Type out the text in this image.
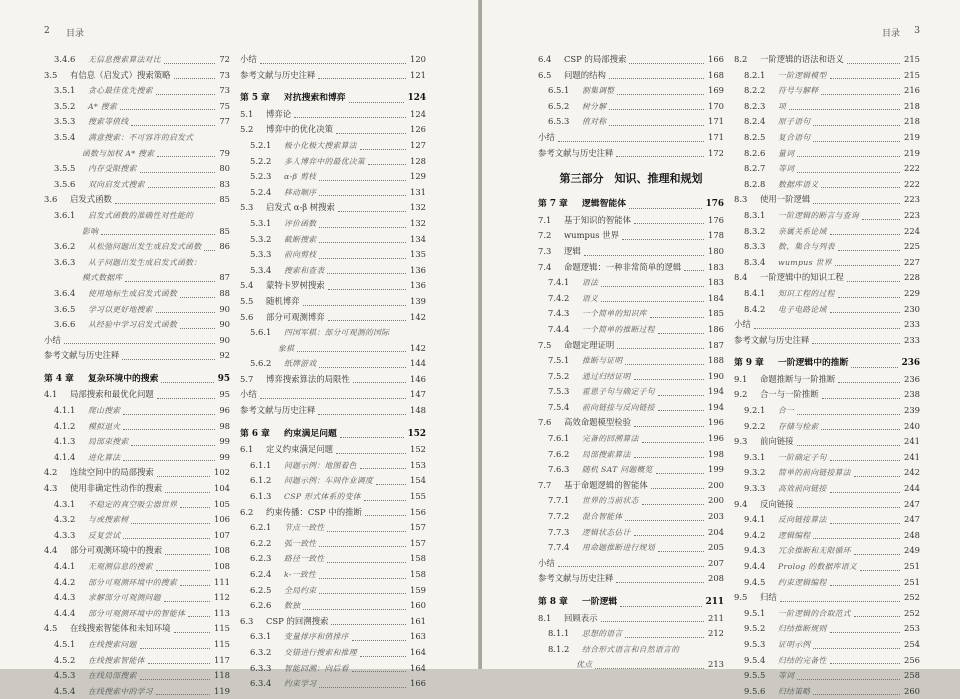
2 目录
3.4.6 无信息搜索算法对比	72
3.5 有信息（启发式）搜索策略	73
3.5.1 贪心最佳优先搜索	73
3.5.2 A* 搜索	75
3.5.3 搜索等值线	77
3.5.4 满意搜索：不可容许的启发式
函数与加权 A* 搜索	79
3.5.5 内存受限搜索	80
3.5.6 双向启发式搜索	83
3.6 启发式函数	85
3.6.1 启发式函数的准确性对性能的
影响	85
3.6.2 从松弛问题出发生成启发式函数 86
3.6.3 从子问题出发生成启发式函数：
模式数据库	87
3.6.4 使用地标生成启发式函数	88
3.6.5 学习以更好地搜索	90
3.6.6 从经验中学习启发式函数	90
小结	90
参考文献与历史注释	92
第 4 章 复杂环境中的搜索	95
4.1 局部搜索和最优化问题	95
4.1.1 爬山搜索	96
4.1.2 模拟退火	98
4.1.3 局部束搜索	99
4.1.4 进化算法	99
4.2 连续空间中的局部搜索	102
4.3 使用非确定性动作的搜索	104
4.3.1 不稳定的真空吸尘器世界	105
4.3.2 与或搜索树	106
4.3.3 反复尝试	107
4.4 部分可观测环境中的搜索	108
4.4.1 无观测信息的搜索	108
4.4.2 部分可观测环境中的搜索	111
4.4.3 求解部分可观测问题	112
4.4.4 部分可观测环境中的智能体	113
4.5 在线搜索智能体和未知环境	115
4.5.1 在线搜索问题	115
4.5.2 在线搜索智能体	117
4.5.3 在线局部搜索	118
4.5.4 在线搜索中的学习	119
小结	120
参考文献与历史注释	121
第 5 章 对抗搜索和博弈	124
5.1 博弈论	124
5.2 博弈中的优化决策	126
5.2.1 极小化极大搜索算法	127
5.2.2 多人博弈中的最优决策	128
5.2.3 α-β 剪枝	129
5.2.4 移动顺序	131
5.3 启发式 α-β 树搜索	132
5.3.1 评价函数	132
5.3.2 截断搜索	134
5.3.3 前向剪枝	135
5.3.4 搜索和查表	136
5.4 蒙特卡罗树搜索	136
5.5 随机博弈	139
5.6 部分可观测博弈	142
5.6.1 四国军棋：部分可观测的国际
象棋	142
5.6.2 纸牌游戏	144
5.7 博弈搜索算法的局限性	146
小结	147
参考文献与历史注释	148
第 6 章 约束满足问题	152
6.1 定义约束满足问题	152
6.1.1 问题示例：地图着色	153
6.1.2 问题示例：车间作业调度	154
6.1.3 CSP 形式体系的变体	155
6.2 约束传播：CSP 中的推断	156
6.2.1 节点一致性	157
6.2.2 弧一致性	157
6.2.3 路径一致性	158
6.2.4 k-一致性	158
6.2.5 全局约束	159
6.2.6 数独	160
6.3 CSP 的回溯搜索	161
6.3.1 变量排序和值排序	163
6.3.2 交错进行搜索和推理	164
6.3.3 智能回溯：向后看	164
6.3.4 约束学习	166
目录 3
6.4 CSP 的局部搜索	166
6.5 问题的结构	168
6.5.1 割集调整	169
6.5.2 树分解	170
6.5.3 值对称	171
小结	171
参考文献与历史注释	172
第三部分　知识、推理和规划
第 7 章 逻辑智能体	176
7.1 基于知识的智能体	176
7.2 wumpus 世界	178
7.3 逻辑	180
7.4 命题逻辑：一种非常简单的逻辑	183
7.4.1 语法	183
7.4.2 语义	184
7.4.3 一个简单的知识库	185
7.4.4 一个简单的推断过程	186
7.5 命题定理证明	187
7.5.1 推断与证明	188
7.5.2 通过归结证明	190
7.5.3 霍恩子句与确定子句	194
7.5.4 前向链接与反向链接	194
7.6 高效命题模型检验	196
7.6.1 完备的回溯算法	196
7.6.2 局部搜索算法	198
7.6.3 随机 SAT 问题概览	199
7.7 基于命题逻辑的智能体	200
7.7.1 世界的当前状态	200
7.7.2 混合智能体	203
7.7.3 逻辑状态估计	204
7.7.4 用命题推断进行规划	205
小结	207
参考文献与历史注释	208
第 8 章 一阶逻辑	211
8.1 回顾表示	211
8.1.1 思想的语言	212
8.1.2 结合形式语言和自然语言的
优点	213
8.2 一阶逻辑的语法和语义	215
8.2.1 一阶逻辑模型	215
8.2.2 符号与解释	216
8.2.3 项	218
8.2.4 原子语句	218
8.2.5 复合语句	219
8.2.6 量词	219
8.2.7 等词	222
8.2.8 数据库语义	222
8.3 使用一阶逻辑	223
8.3.1 一阶逻辑的断言与查询	223
8.3.2 亲属关系论域	224
8.3.3 数、集合与列表	225
8.3.4 wumpus 世界	227
8.4 一阶逻辑中的知识工程	228
8.4.1 知识工程的过程	229
8.4.2 电子电路论域	230
小结	233
参考文献与历史注释	233
第 9 章 一阶逻辑中的推断	236
9.1 命题推断与一阶推断	236
9.2 合一与一阶推断	238
9.2.1 合一	239
9.2.2 存储与检索	240
9.3 前向链接	241
9.3.1 一阶确定子句	241
9.3.2 简单的前向链接算法	242
9.3.3 高效前向链接	244
9.4 反向链接	247
9.4.1 反向链接算法	247
9.4.2 逻辑编程	248
9.4.3 冗余推断和无限循环	249
9.4.4 Prolog 的数据库语义	251
9.4.5 约束逻辑编程	251
9.5 归结	252
9.5.1 一阶逻辑的合取范式	252
9.5.2 归结推断规则	253
9.5.3 证明示例	254
9.5.4 归结的完备性	256
9.5.5 等词	258
9.5.6 归结策略	260
